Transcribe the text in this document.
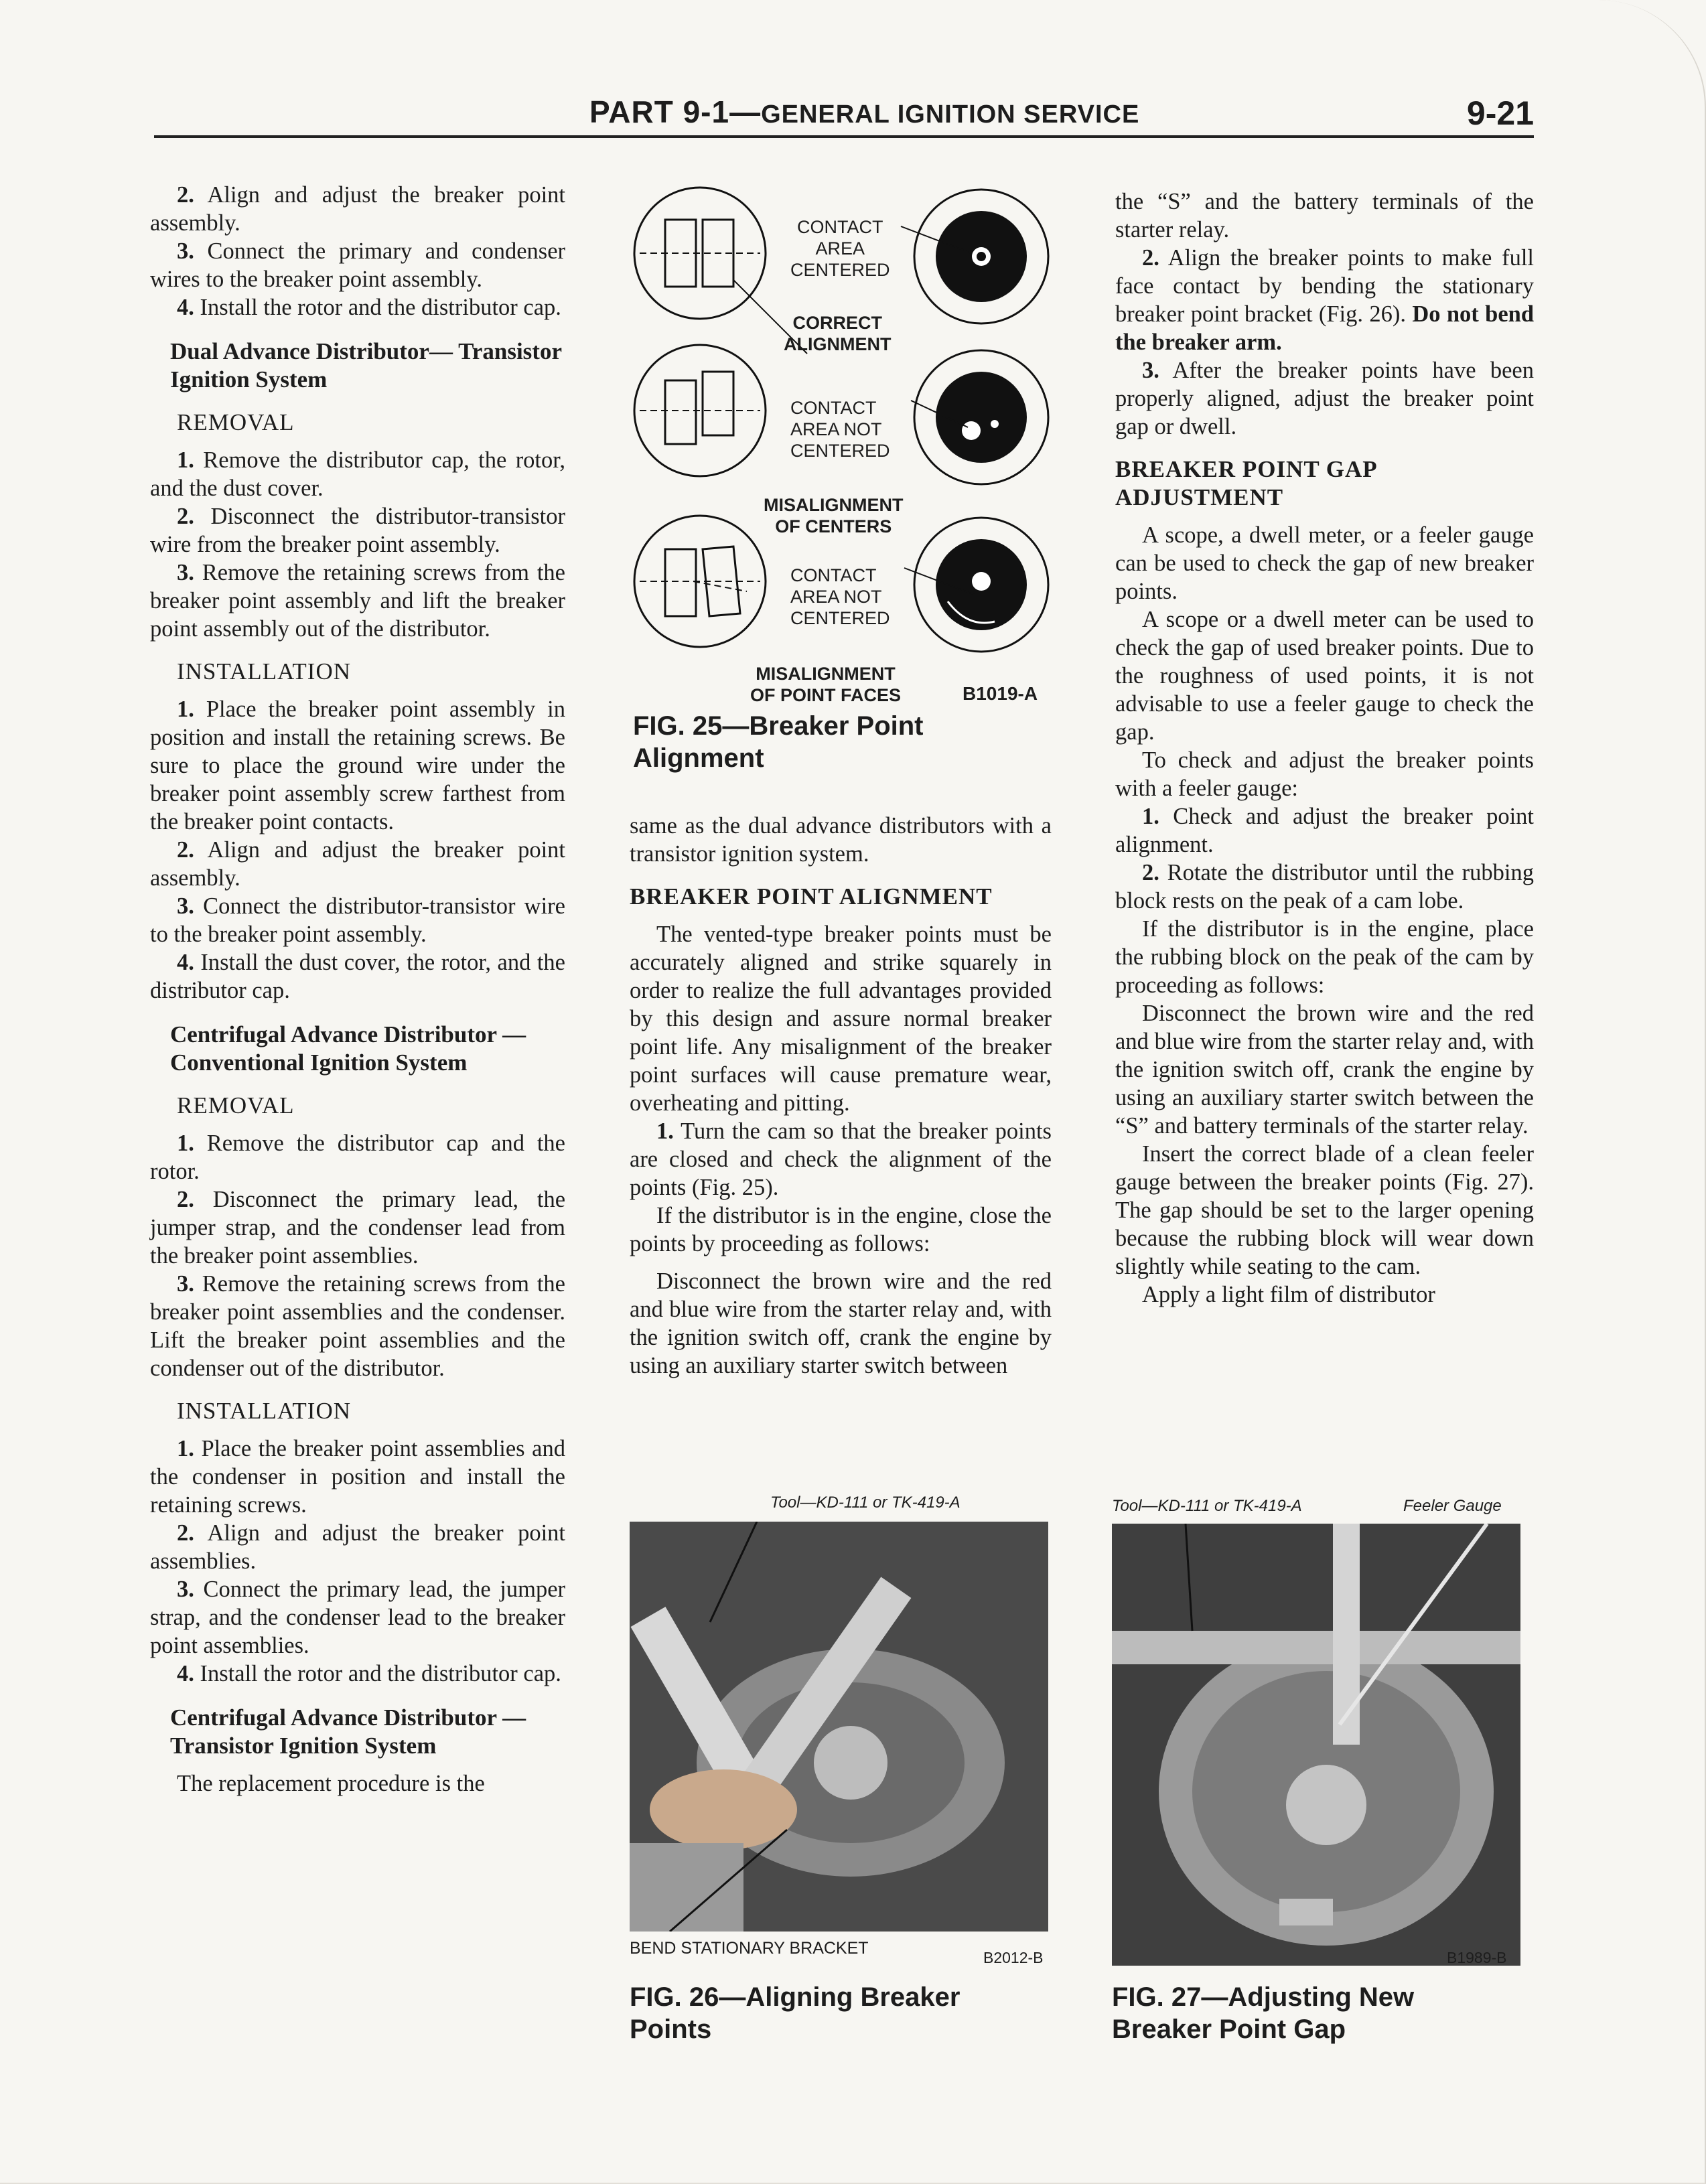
PART 9-1—GENERAL IGNITION SERVICE	9-21

2. Align and adjust the breaker point assembly.

3. Connect the primary and condenser wires to the breaker point assembly.

4. Install the rotor and the distributor cap.

Dual Advance Distributor— Transistor Ignition System
REMOVAL

1. Remove the distributor cap, the rotor, and the dust cover.

2. Disconnect the distributor-transistor wire from the breaker point assembly.

3. Remove the retaining screws from the breaker point assembly and lift the breaker point assembly out of the distributor.

INSTALLATION

1. Place the breaker point assembly in position and install the retaining screws. Be sure to place the ground wire under the breaker point assembly screw farthest from the breaker point contacts.

2. Align and adjust the breaker point assembly.

3. Connect the distributor-transistor wire to the breaker point assembly.

4. Install the dust cover, the rotor, and the distributor cap.

Centrifugal Advance Distributor —Conventional Ignition System
REMOVAL

1. Remove the distributor cap and the rotor.

2. Disconnect the primary lead, the jumper strap, and the condenser lead from the breaker point assemblies.

3. Remove the retaining screws from the breaker point assemblies and the condenser. Lift the breaker point assemblies and the condenser out of the distributor.

INSTALLATION

1. Place the breaker point assemblies and the condenser in position and install the retaining screws.

2. Align and adjust the breaker point assemblies.

3. Connect the primary lead, the jumper strap, and the condenser lead to the breaker point assemblies.

4. Install the rotor and the distributor cap.

Centrifugal Advance Distributor —Transistor Ignition System

The replacement procedure is the

CONTACT
AREA
CENTERED
CORRECT
ALIGNMENT
CONTACT
AREA NOT
CENTERED
MISALIGNMENT
OF CENTERS
CONTACT
AREA NOT
CENTERED
MISALIGNMENT
OF POINT FACES	B1019-A
FIG. 25—Breaker Point Alignment

same as the dual advance distributors with a transistor ignition system.

BREAKER POINT ALIGNMENT

The vented-type breaker points must be accurately aligned and strike squarely in order to realize the full advantages provided by this design and assure normal breaker point life. Any misalignment of the breaker point surfaces will cause premature wear, overheating and pitting.

1. Turn the cam so that the breaker points are closed and check the alignment of the points (Fig. 25).

If the distributor is in the engine, close the points by proceeding as follows:

Disconnect the brown wire and the red and blue wire from the starter relay and, with the ignition switch off, crank the engine by using an auxiliary starter switch between

Tool—KD-111 or TK-419-A
BEND STATIONARY BRACKET	B2012-B
FIG. 26—Aligning Breaker Points

the “S” and the battery terminals of the starter relay.

2. Align the breaker points to make full face contact by bending the stationary breaker point bracket (Fig. 26). Do not bend the breaker arm.

3. After the breaker points have been properly aligned, adjust the breaker point gap or dwell.

BREAKER POINT GAP ADJUSTMENT

A scope, a dwell meter, or a feeler gauge can be used to check the gap of new breaker points.

A scope or a dwell meter can be used to check the gap of used breaker points. Due to the roughness of used points, it is not advisable to use a feeler gauge to check the gap.

To check and adjust the breaker points with a feeler gauge:

1. Check and adjust the breaker point alignment.

2. Rotate the distributor until the rubbing block rests on the peak of a cam lobe.

If the distributor is in the engine, place the rubbing block on the peak of the cam by proceeding as follows:

Disconnect the brown wire and the red and blue wire from the starter relay and, with the ignition switch off, crank the engine by using an auxiliary starter switch between the “S” and battery terminals of the starter relay.

Insert the correct blade of a clean feeler gauge between the breaker points (Fig. 27). The gap should be set to the larger opening because the rubbing block will wear down slightly while seating to the cam.

Apply a light film of distributor

Tool—KD-111 or TK-419-A	Feeler Gauge
B1989-B
FIG. 27—Adjusting New Breaker Point Gap
